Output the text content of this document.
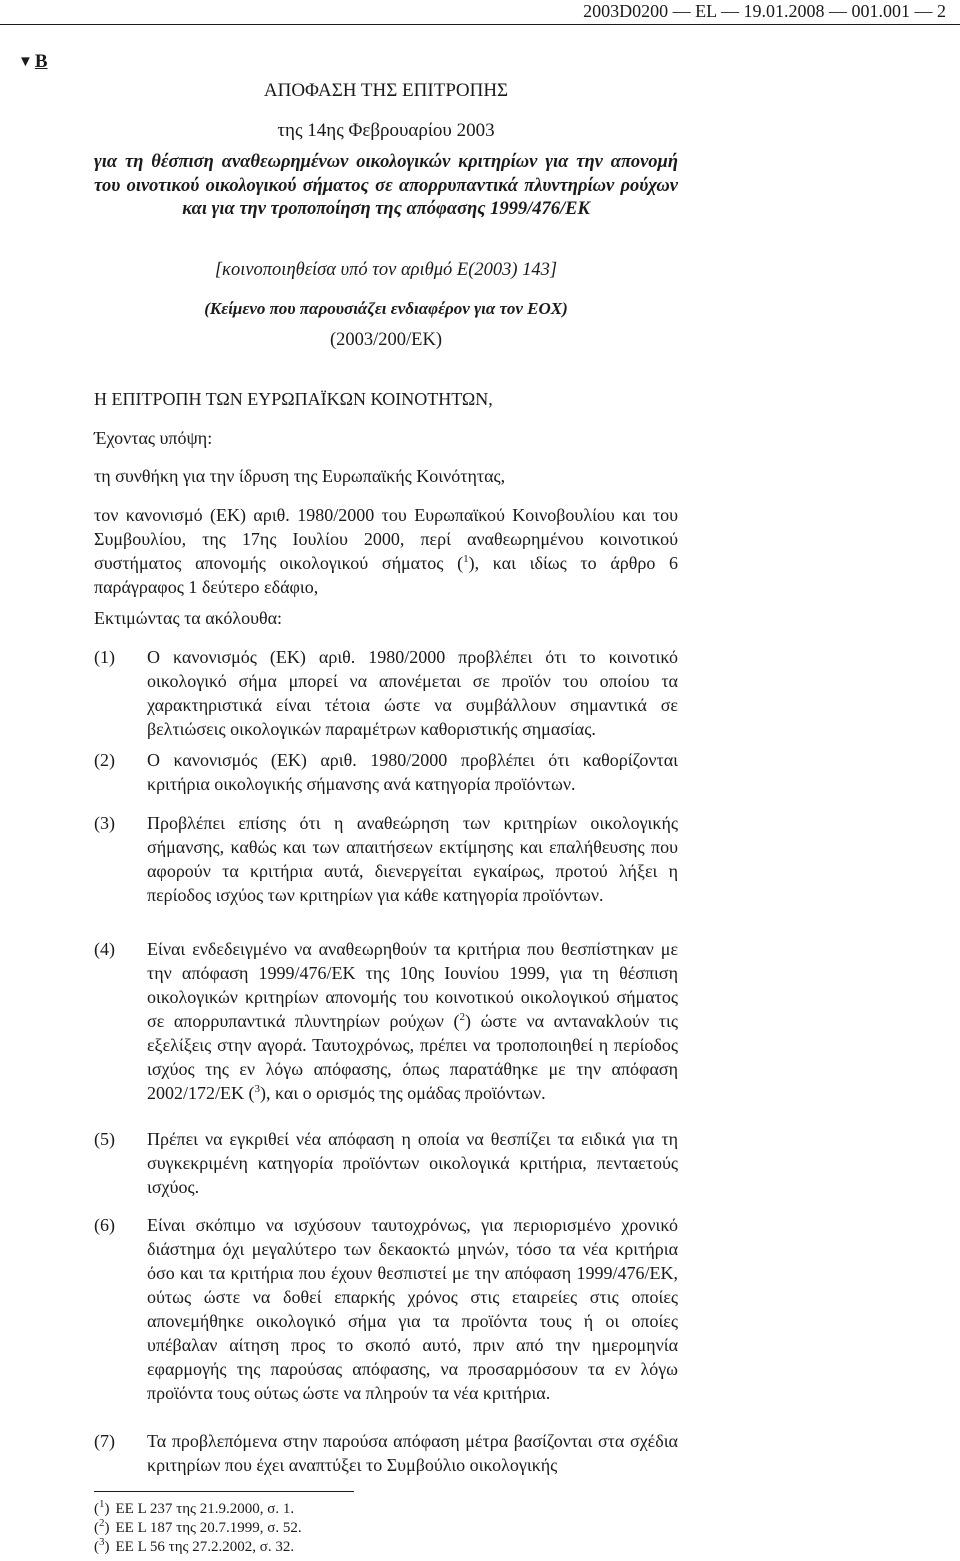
2003D0200 — EL — 19.01.2008 — 001.001 — 2
▼ B
ΑΠΟΦΑΣΗ ΤΗΣ ΕΠΙΤΡΟΠΗΣ
της 14ης Φεβρουαρίου 2003
για τη θέσπιση αναθεωρημένων οικολογικών κριτηρίων για την απονομή του οινοτικού οικολογικού σήματος σε απορρυπαντικά πλυντηρίων ρούχων και για την τροποποίηση της απόφασης 1999/476/ΕΚ
[κοινοποιηθείσα υπό τον αριθμό Ε(2003) 143]
(Κείμενο που παρουσιάζει ενδιαφέρον για τον ΕΟΧ)
(2003/200/ΕΚ)
Η ΕΠΙΤΡΟΠΗ ΤΩΝ ΕΥΡΩΠΑΪΚΩΝ ΚΟΙΝΟΤΗΤΩΝ,
Έχοντας υπόψη:
τη συνθήκη για την ίδρυση της Ευρωπαϊκής Κοινότητας,
τον κανονισμό (ΕΚ) αριθ. 1980/2000 του Ευρωπαϊκού Κοινοβουλίου και του Συμβουλίου, της 17ης Ιουλίου 2000, περί αναθεωρημένου κοινοτικού συστήματος απονομής οικολογικού σήματος ($^1$), και ιδίως το άρθρο 6 παράγραφος 1 δεύτερο εδάφιο,
Εκτιμώντας τα ακόλουθα:
(1)	Ο κανονισμός (ΕΚ) αριθ. 1980/2000 προβλέπει ότι το κοινοτικό οικολογικό σήμα μπορεί να απονέμεται σε προϊόν του οποίου τα χαρακτηριστικά είναι τέτοια ώστε να συμβάλλουν σημαντικά σε βελτιώσεις οικολογικών παραμέτρων καθοριστικής σημασίας.
(2)	Ο κανονισμός (ΕΚ) αριθ. 1980/2000 προβλέπει ότι καθορίζονται κριτήρια οικολογικής σήμανσης ανά κατηγορία προϊόντων.
(3)	Προβλέπει επίσης ότι η αναθεώρηση των κριτηρίων οικολογικής σήμανσης, καθώς και των απαιτήσεων εκτίμησης και επαλήθευσης που αφορούν τα κριτήρια αυτά, διενεργείται εγκαίρως, προτού λήξει η περίοδος ισχύος των κριτηρίων για κάθε κατηγορία προϊόντων.
(4)	Είναι ενδεδειγμένο να αναθεωρηθούν τα κριτήρια που θεσπίστηκαν με την απόφαση 1999/476/ΕΚ της 10ης Ιουνίου 1999, για τη θέσπιση οικολογικών κριτηρίων απονομής του κοινοτικού οικολογικού σήματος σε απορρυπαντικά πλυντηρίων ρούχων ($^2$) ώστε να ανταναkλούν τις εξελίξεις στην αγορά. Ταυτοχρόνως, πρέπει να τροποποιηθεί η περίοδος ισχύος της εν λόγω απόφασης, όπως παρατάθηκε με την απόφαση 2002/172/ΕΚ ($^3$), και ο ορισμός της ομάδας προϊόντων.
(5)	Πρέπει να εγκριθεί νέα απόφαση η οποία να θεσπίζει τα ειδικά για τη συγκεκριμένη κατηγορία προϊόντων οικολογικά κριτήρια, πενταετούς ισχύος.
(6)	Είναι σκόπιμο να ισχύσουν ταυτοχρόνως, για περιορισμένο χρονικό διάστημα όχι μεγαλύτερο των δεκαοκτώ μηνών, τόσο τα νέα κριτήρια όσο και τα κριτήρια που έχουν θεσπιστεί με την απόφαση 1999/476/ΕΚ, ούτως ώστε να δοθεί επαρκής χρόνος στις εταιρείες στις οποίες απονεμήθηκε οικολογικό σήμα για τα προϊόντα τους ή οι οποίες υπέβαλαν αίτηση προς το σκοπό αυτό, πριν από την ημερομηνία εφαρμογής της παρούσας απόφασης, να προσαρμόσουν τα εν λόγω προϊόντα τους ούτως ώστε να πληρούν τα νέα κριτήρια.
(7)	Τα προβλεπόμενα στην παρούσα απόφαση μέτρα βασίζονται στα σχέδια κριτηρίων που έχει αναπτύξει το Συμβούλιο οικολογικής
($^1$) ΕΕ L 237 της 21.9.2000, σ. 1.
($^2$) ΕΕ L 187 της 20.7.1999, σ. 52.
($^3$) ΕΕ L 56 της 27.2.2002, σ. 32.
